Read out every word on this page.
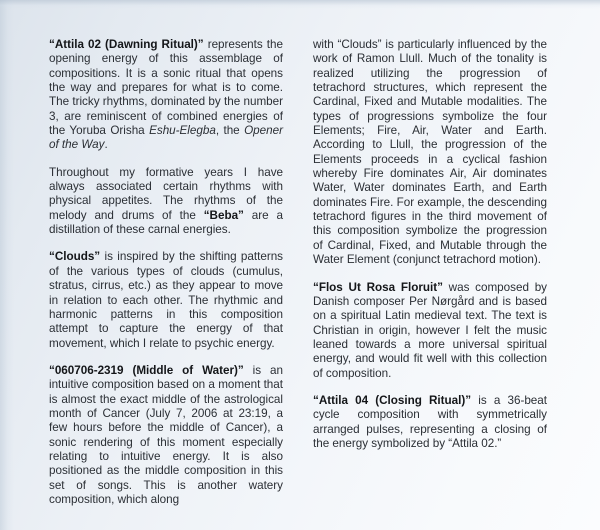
“Attila 02 (Dawning Ritual)” represents the opening energy of this assemblage of compositions. It is a sonic ritual that opens the way and prepares for what is to come. The tricky rhythms, dominated by the number 3, are reminiscent of combined energies of the Yoruba Orisha Eshu-Elegba, the Opener of the Way.

Throughout my formative years I have always associated certain rhythms with physical appetites. The rhythms of the melody and drums of the “Beba” are a distillation of these carnal energies.

“Clouds” is inspired by the shifting patterns of the various types of clouds (cumulus, stratus, cirrus, etc.) as they appear to move in relation to each other. The rhythmic and harmonic patterns in this composition attempt to capture the energy of that movement, which I relate to psychic energy.

“060706-2319 (Middle of Water)” is an intuitive composition based on a moment that is almost the exact middle of the astrological month of Cancer (July 7, 2006 at 23:19, a few hours before the middle of Cancer), a sonic rendering of this moment especially relating to intuitive energy. It is also positioned as the middle composition in this set of songs. This is another watery composition, which along

with “Clouds” is particularly influenced by the work of Ramon Llull. Much of the tonality is realized utilizing the progression of tetrachord structures, which represent the Cardinal, Fixed and Mutable modalities. The types of progressions symbolize the four Elements; Fire, Air, Water and Earth. According to Llull, the progression of the Elements proceeds in a cyclical fashion whereby Fire dominates Air, Air dominates Water, Water dominates Earth, and Earth dominates Fire. For example, the descending tetrachord figures in the third movement of this composition symbolize the progression of Cardinal, Fixed, and Mutable through the Water Element (conjunct tetrachord motion).

“Flos Ut Rosa Floruit” was composed by Danish composer Per Nørgård and is based on a spiritual Latin medieval text. The text is Christian in origin, however I felt the music leaned towards a more universal spiritual energy, and would fit well with this collection of composition.

“Attila 04 (Closing Ritual)” is a 36-beat cycle composition with symmetrically arranged pulses, representing a closing of the energy symbolized by “Attila 02.”
